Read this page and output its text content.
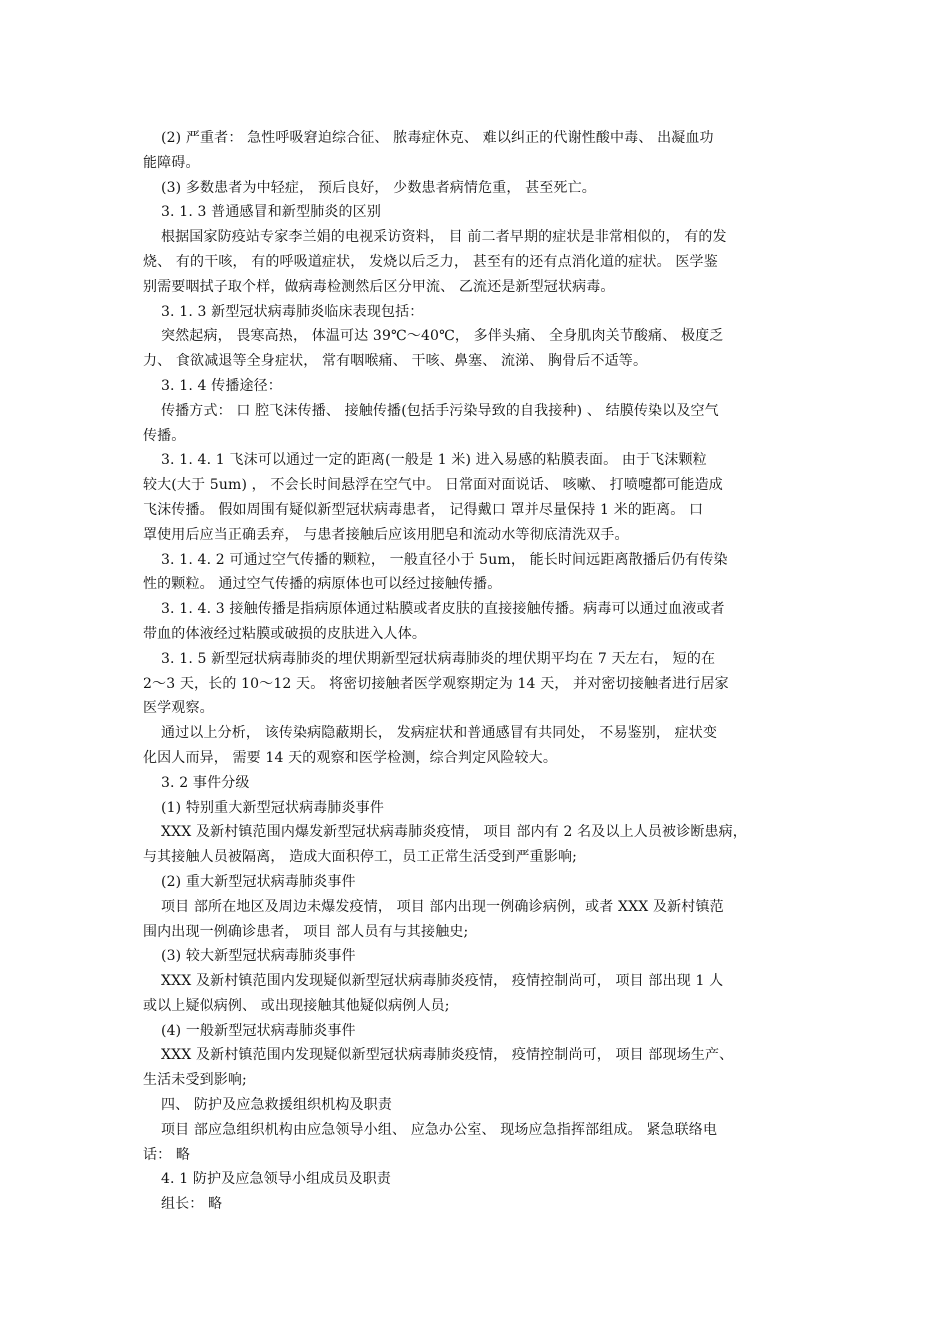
(2) 严重者： 急性呼吸窘迫综合征、 脓毒症休克、 难以纠正的代谢性酸中毒、 出凝血功
能障碍。
(3) 多数患者为中轻症， 预后良好， 少数患者病情危重， 甚至死亡。
3. 1. 3 普通感冒和新型肺炎的区别
根据国家防疫站专家李兰娟的电视采访资料， 目 前二者早期的症状是非常相似的， 有的发
烧、 有的干咳， 有的呼吸道症状， 发烧以后乏力， 甚至有的还有点消化道的症状。 医学鉴
别需要咽拭子取个样，做病毒检测然后区分甲流、 乙流还是新型冠状病毒。
3. 1. 3 新型冠状病毒肺炎临床表现包括：
突然起病， 畏寒高热， 体温可达 39℃～40℃， 多伴头痛、 全身肌肉关节酸痛、 极度乏
力、 食欲减退等全身症状， 常有咽喉痛、 干咳、鼻塞、 流涕、 胸骨后不适等。
3. 1. 4 传播途径：
传播方式： 口 腔飞沫传播、 接触传播(包括手污染导致的自我接种) 、 结膜传染以及空气
传播。
3. 1. 4. 1 飞沫可以通过一定的距离(一般是 1 米) 进入易感的粘膜表面。 由于飞沫颗粒
较大(大于 5um) ， 不会长时间悬浮在空气中。 日常面对面说话、 咳嗽、 打喷嚏都可能造成
飞沫传播。 假如周围有疑似新型冠状病毒患者， 记得戴口 罩并尽量保持 1 米的距离。 口
罩使用后应当正确丢弃， 与患者接触后应该用肥皂和流动水等彻底清洗双手。
3. 1. 4. 2 可通过空气传播的颗粒， 一般直径小于 5um， 能长时间远距离散播后仍有传染
性的颗粒。 通过空气传播的病原体也可以经过接触传播。
3. 1. 4. 3 接触传播是指病原体通过粘膜或者皮肤的直接接触传播。病毒可以通过血液或者
带血的体液经过粘膜或破损的皮肤进入人体。
3. 1. 5 新型冠状病毒肺炎的埋伏期新型冠状病毒肺炎的埋伏期平均在 7 天左右， 短的在
2～3 天，长的 10～12 天。 将密切接触者医学观察期定为 14 天， 并对密切接触者进行居家
医学观察。
通过以上分析， 该传染病隐蔽期长， 发病症状和普通感冒有共同处， 不易鉴别， 症状变
化因人而异， 需要 14 天的观察和医学检测，综合判定风险较大。
3. 2 事件分级
(1) 特别重大新型冠状病毒肺炎事件
XXX 及新村镇范围内爆发新型冠状病毒肺炎疫情， 项目 部内有 2 名及以上人员被诊断患病，
与其接触人员被隔离， 造成大面积停工，员工正常生活受到严重影响;
(2) 重大新型冠状病毒肺炎事件
项目 部所在地区及周边未爆发疫情， 项目 部内出现一例确诊病例，或者 XXX 及新村镇范
围内出现一例确诊患者， 项目 部人员有与其接触史;
(3) 较大新型冠状病毒肺炎事件
XXX 及新村镇范围内发现疑似新型冠状病毒肺炎疫情， 疫情控制尚可， 项目 部出现 1 人
或以上疑似病例、 或出现接触其他疑似病例人员;
(4) 一般新型冠状病毒肺炎事件
XXX 及新村镇范围内发现疑似新型冠状病毒肺炎疫情， 疫情控制尚可， 项目 部现场生产、
生活未受到影响;
四、 防护及应急救援组织机构及职责
项目 部应急组织机构由应急领导小组、 应急办公室、 现场应急指挥部组成。 紧急联络电
话： 略
4. 1 防护及应急领导小组成员及职责
组长： 略
